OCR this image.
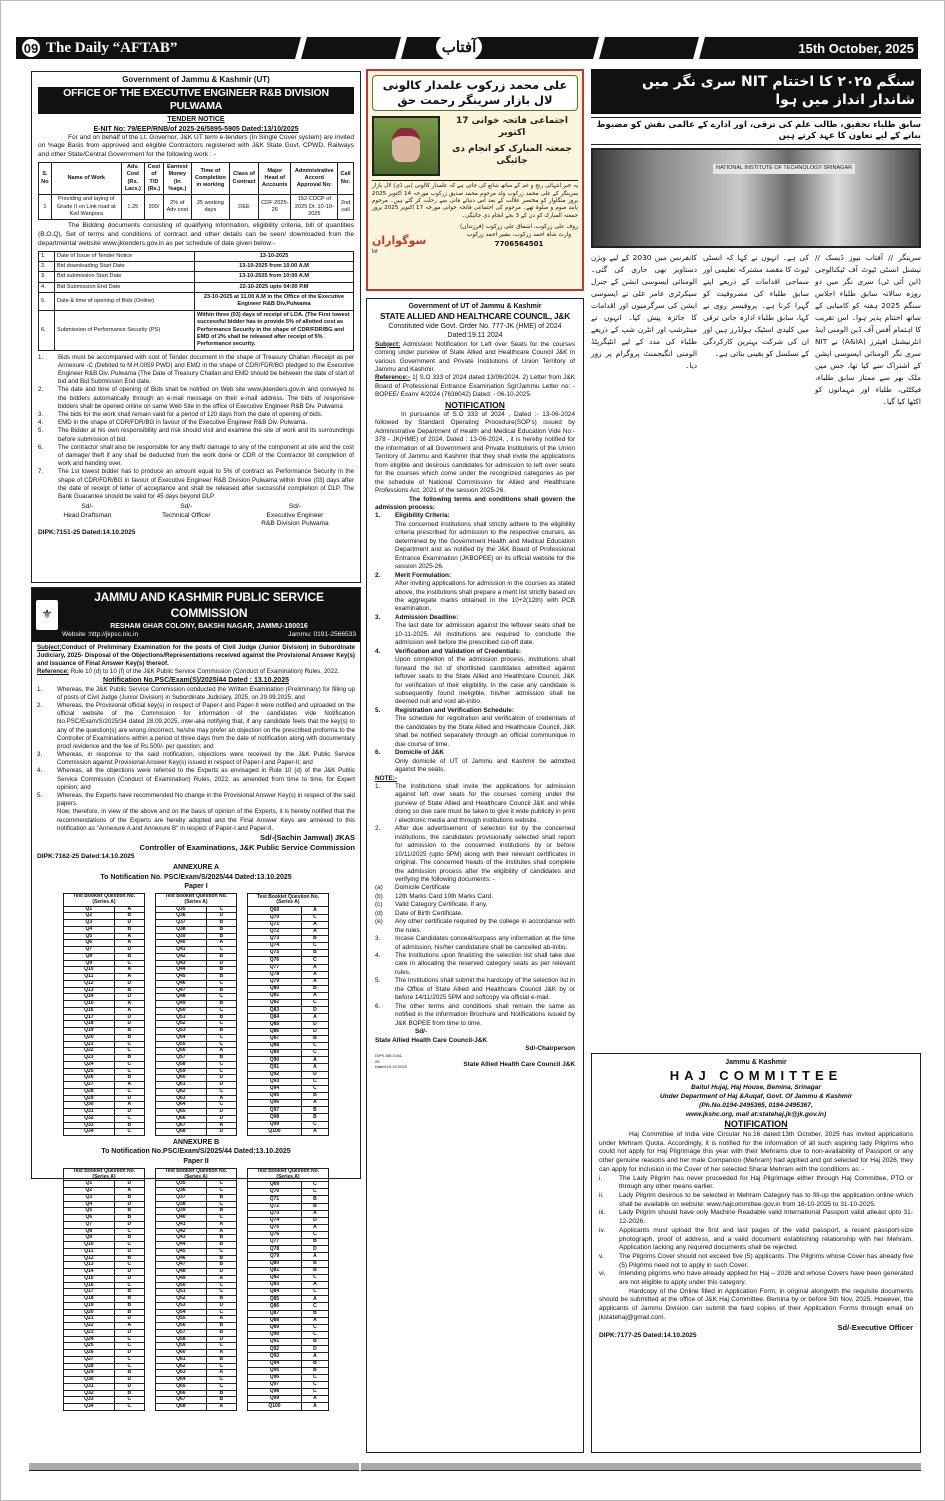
09 The Daily “AFTAB”	آفتاب	15th October, 2025
Government of Jammu & Kashmir (UT)
OFFICE OF THE EXECUTIVE ENGINEER R&B DIVISION PULWAMA
TENDER NOTICE
E-NIT No: 79/EEP/RNB/of 2025-26/5895-5905 Dated:13/10/2025
For and on behalf of the Lt. Governor, J&K UT term e-tenders (In Single Cover system) are invited on %age Basis from approved and eligible Contractors registered with J&K State Govt. CPWD, Railways and other State/Central Government for the following work : -
S. No	Name of Work	Adv. Cost (Rs. Lacs.)	Cost of T/D (Rs.)	Earnest Money (In %age.)	Time of Completion in working	Class of Contract	Major Head of Accounts	Administrative Accord Approval No:	Call No:
1	Providing and laying of Grade II on Link road at Koil Wanpora	1.25	200/	2% of Adv cost	25 working days	DEE	CDF 2025-26	152-CDCP of 2025 Dt. 10-10-2025	2nd call
The Bidding documents consisting of qualifying information, eligibility criteria, bill of quantities (B.O.Q), Set of terms and conditions of contract and other details can be seen/ downloaded from the departmental website www.jktenders.gov.in as per schedule of date given below:-
1.	Date of Issue of Tender Notice	13-10-2025
2.	Bid downloading Start Date	13-10-2025 from 10.00 A.M
3.	Bid submission Start Date	13-10-2025 from 10:00 A.M
4.	Bid Submission End Date	22-10-2025 upto 04:00 P.M
5.	Date & time of opening of Bids (Online)	23-10-2025 at 11.00 A.M in the Office of the Executive Engineer R&B Div.Pulwama
6.	Submission of Performance Security (PS)	Within three (03) days of receipt of LOA. (The First lowest successful bidder has to provide 5% of allotted cost as Performance Security in the shape of CDR/FDR/BG and EMD of 2% shall be released after receipt of 5% Performance security.
1.	Bids must be accompanied with cost of Tender document in the shape of Treasury Challan /Receipt as per Annexure -C (Debited to M.H.0059 PWD) and EMD in the shape of CDR/FDR/BG pledged to the Executive Engineer R&B Div. Pulwama (The Date of Treasury Challan and EMD should be between the date of start of bid and Bid Submission End date.
2.	The date and time of opening of Bids shall be notified on Web site www.jktenders.gov.in and conveyed to the bidders automatically through an e-mail message on their e-mail address. The bids of responsive bidders shall be opened online on same Web Site in the office of Executive Engineer R&B Div. Pulwama
3.	The bids for the work shall remain valid for a period of 120 days from the date of opening of bids.
4.	EMD in the shape of CDR/FDR/BG in favour of the Executive Engineer R&B Div. Pulwama.
5.	The Bidder at his own responsibility and risk should visit and examine the site of work and its surroundings before submission of bid.
6.	The contractor shall also be responsible for any theft/ damage to any of the component at site and the cost of damage/ theft if any shall be deducted from the work done or CDR of the Contractor till completion of work and handing over.
7.	The 1st lowest bidder has to produce an amount equal to 5% of contract as Performance Security in the shape of CDR/FDR/BG in favour of Executive Engineer R&B Division Pulwama within three (03) days after the date of receipt of letter of acceptance and shall be released after successful completion of DLP. The Bank Guarantee should be valid for 45 days beyond DLP.
Sd/-
Head Draftsman
Sd/-
Technical Officer
Sd/-
Executive Engineer
R&B Division Pulwama
DIPK:7151-25 Dated:14.10.2025
⚜
JAMMU AND KASHMIR PUBLIC SERVICE COMMISSION
RESHAM GHAR COLONY, BAKSHI NAGAR, JAMMU-180016
Website :http://jkpsc.nic.in	Jammu: 0191-2566533
Subject:Conduct of Preliminary Examination for the posts of Civil Judge (Junior Division) in Subordinate Judiciary, 2025- Disposal of the Objections/Representations received against the Provisional Answer Key(s) and issuance of Final Answer Key(s) thereof.
Reference: Rule 10 (d) to 10 (f) of the J&K Public Service Commission (Conduct of Examination) Rules, 2022.
Notification No.PSC/Exam(S)/2025/44 Dated : 13.10.2025
1.	Whereas, the J&K Public Service Commission conducted the Written Examination (Preliminary) for filling up of posts of Civil Judge (Junior Division) in Subordinate Judiciary, 2025, on 29.09.2025; and
2.	Whereas, the Provisional official key(s) in respect of Paper-I and Paper-II were notified and uploaded on the official website of the Commission for information of the candidates vide Notification No.PSC/Exam/S/2025/34 dated 28.09.2025, inter-alia notifying that, if any candidate feels that the key(s) to any of the question(s) are wrong /incorrect, he/she may prefer an objection on the prescribed proforma to the Controller of Examinations within a period of three days from the date of notification along with documentary proof /evidence and the fee of Rs.500/- per question; and
3.	Whereas, in response to the said notification, objections were received by the J&K Public Service Commission against Provisional Answer Key(s) issued in respect of Paper-I and Paper-II; and
4.	Whereas, all the objections were referred to the Experts as envisaged in Rule 10 (d) of the J&K Public Service Commission (Conduct of Examination) Rules, 2022, as amended from time to time, for Expert opinion; and
5.	Whereas, the Experts have recommended No change in the Provisional Answer Key(s) in respect of the said papers.
Now, therefore, in view of the above and on the basis of opinion of the Experts, it is hereby notified that the recommendations of the Experts are hereby adopted and the Final Answer Keys are annexed to this notification as "Annexure A and Annexure B" in respect of Paper-I and Paper-II.
Sd/-(Sachin Jamwal) JKAS
Controller of Examinations, J&K Public Service Commission
DIPK:7162-25 Dated:14.10.2025
ANNEXURE A
To Notification No. PSC/Exam/S/2025/44 Dated:13.10.2025
Paper I
Test Booklet Question No. (Series A)	
Q1	A
Q2	B
Q3	D
Q4	B
Q5	A
Q6	A
Q7	D
Q8	B
Q9	C
Q10	A
Q11	A
Q12	D
Q13	B
Q14	D
Q15	A
Q16	A
Q17	D
Q18	D
Q19	B
Q20	B
Q21	C
Q22	C
Q23	B
Q24	C
Q25	C
Q26	B
Q27	A
Q28	C
Q29	D
Q30	A
Q31	D
Q32	C
Q33	B
Q34	C
Test Booklet Question No. (Series A)	
Q35	C
Q36	D
Q37	B
Q38	B
Q39	B
Q40	A
Q41	C
Q42	B
Q43	D
Q44	B
Q45	B
Q46	C
Q47	B
Q48	C
Q49	B
Q50	C
Q51	B
Q52	C
Q53	B
Q54	C
Q55	C
Q56	A
Q57	B
Q58	C
Q59	C
Q60	D
Q61	D
Q62	C
Q63	A
Q64	C
Q65	D
Q66	D
Q67	A
Q68	D
Test Booklet Question No. (Series A)	
Q69	A
Q70	C
Q71	A
Q72	A
Q73	B
Q74	C
Q75	B
Q76	C
Q77	A
Q78	A
Q79	A
Q80	B
Q81	A
Q82	C
Q83	D
Q84	A
Q85	D
Q86	D
Q87	B
Q88	C
Q89	C
Q90	A
Q91	A
Q92	D
Q93	C
Q94	C
Q95	B
Q96	A
Q97	B
Q98	B
Q99	C
Q100	A
ANNEXURE B
To Notification No.PSC/Exam/S/2025/44 Dated:13.10.2025
Paper II
Test Booklet Question No. (Series A)	
Q1	D
Q2	A
Q3	B
Q4	D
Q5	B
Q6	B
Q7	D
Q8	C
Q9	B
Q10	C
Q11	D
Q12	B
Q13	C
Q14	D
Q15	D
Q16	C
Q17	B
Q18	B
Q19	B
Q20	B
Q21	D
Q22	A
Q23	D
Q24	C
Q25	C
Q26	D
Q27	C
Q28	C
Q29	B
Q30	D
Q31	D
Q32	B
Q33	C
Q34	C
Test Booklet Question No. (Series A)	
Q35	C
Q36	C
Q37	B
Q38	C
Q39	B
Q40	C
Q41	A
Q42	A
Q43	B
Q44	B
Q45	C
Q46	B
Q47	B
Q48	D
Q49	A
Q50	C
Q51	C
Q52	B
Q53	D
Q54	C
Q55	A
Q56	B
Q57	B
Q58	D
Q59	C
Q60	A
Q61	B
Q62	C
Q63	A
Q64	C
Q65	C
Q66	B
Q67	B
Q68	A
Test Booklet Question No. (Series A)	
Q69	C
Q70	C
Q71	B
Q72	B
Q73	A
Q74	D
Q75	A
Q76	C
Q77	B
Q78	D
Q79	A
Q80	B
Q81	B
Q82	C
Q83	A
Q84	C
Q85	A
Q86	C
Q87	B
Q88	A
Q89	C
Q90	C
Q91	B
Q92	D
Q93	A
Q94	B
Q95	B
Q96	C
Q97	C
Q98	C
Q99	A
Q100	A
علی محمد زرکوب علمدار کالونی لال بازار سرینگر رحمت حق
اجتماعی فاتحہ خوانی 17 اکتوبر
جمعتہ المبارک کو انجام دی جائیگی
یہ خبر انتہائی رنج و غم کے ساتھ شائع کی جاتی ہے کہ علمدار کالونی (بی ڈی) لال بازار سرینگر کے علی محمد زرکوب ولد مرحوم محمد صدیق زرکوب مورخہ 14 اکتوبر 2025 بروز منگلوار کو مختصر علالت کے بعد اس دنیائے فانی سے رحلت کر گئے ہیں۔ مرحوم پابند صوم و صلوۃ تھے۔ مرحوم کی اجتماعی فاتحہ خوانی مورخہ 17 اکتوبر 2025 بروز جمعتہ المبارک کو دن کے 3 بجے انجام دی جائیگی۔
سوگواران
روف علی زرکوب، اشفاق علی زرکوب (فرزندان)
وارث شاہ احمد زرکوب، بشیر احمد زرکوب
7706564501
Inf
Government of UT of Jammu & Kashmir
STATE ALLIED AND HEALTHCARE COUNCIL, J&K
Constituted vide Govt. Order No. 777-JK (HME) of 2024 Dated:19.11 2024
Subject: Admission Notification for Left over Seats for the courses coming under purview of State Allied and Healthcare Council J&K in various Government and Private Institutions of Union Territory of Jammu and Kashmir.
Reference:- 1] S.O 333 of 2024 dated 13/06/2024. 2) Letter from J&K Board of Professional Entrance Examination Sgr/Jammu Letter no: - BOPEE/ Exam/ 4/2024 (7638042) Dated: - 06-10-2025.
NOTIFICATION
In pursuance of S.O 333 of 2024 , Dated :- 13-06-2024 followed by Standard Operating Procedure(SOP's) issued by Administrative Department of Health and Medical Education Vide No:- 378 - JK(HME) of 2024, Dated : 13-06-2024, , it is hereby notified for the information of all Government and Private Institutions of the Union Territory of Jammu and Kashmir that they shall invite the applications from eligible and desirous candidates for admission to left over seats for the courses which come under the recognized categories as per the schedule of National Commission for Allied and Healthcare Professions Act, 2021 of the session 2025-26.
The following terms and conditions shall govern the admission process:
1.	Eligibility Criteria:
The concerned institutions shall strictly adhere to the eligibility criteria prescribed for admission to the respective courses, as determined by the Government Health and Medical Education Department and as notified by the J&K Board of Professional Entrance Examination (JKBOPEE) on its official website for the session 2025-26.
2.	Merit Formulation:
After inviting applications for admission in the courses as stated above, the institutions shall prepare a merit list strictly based on the aggregate marks obtained in the 10+2(12th) with PCB examination.
3.	Admission Deadline:
The last date for admission against the leftover seats shall be 10-11-2025. All institutions are required to conclude the admission well before the prescribed cut-off date.
4.	Verification and Validation of Credentials:
Upon completion of the admission process, institutions shall forward the list of shortlisted candidates admitted against leftover seats to the State Allied and Healthcare Council, J&K for verification of their eligibility. In the case any candidate is subsequently found ineligible, his/her admission shall be deemed null and void ab-initio.
5.	Registration and Verification Schedule:
The schedule for registration and verification of credentials of the candidates by the State Allied and Healthcare Council, J&K shall be notified separately through an official communique in due course of time.
6.	Domicile of J&K
Only domicile of UT of Jammu and Kashmir be admitted against the seats.
NOTE:-
1.	The Institutions shall invite the applications for admission against left over seats for the courses coming under the purview of State Allied and Healthcare Council J&K and while doing so due care must be taken to give it wide publicity in print / electronic media and through institutions website.
2.	After due advertisement of selection list by the concerned institutions, the candidates provisionally selected shall report for admission to the concerned institutions by or before 10/11/2025 (upto 5PM) along with their relevant certificates in original. The concerned heads of the institutes shall complete the admission process after the eligibility of candidates and verifying the following documents: -
(a)	Domicile Certificate
(b)	12th Marks Card 10th Marks Card.
(c)	Valid Category Certificate, If any.
(d)	Date of Birth Certificate.
(e)	Any other certificate required by the college in accordance with the rules.
3.	Incase Candidates conceal/surpass any information at the time of admission, his/her candidature shall be cancelled ab-initio.
4.	The Institutions upon finalizing the selection list shall take due care in allocating the reserved category seats as per relevant rules.
5.	The Institutions shall submit the hardcopy of the selection list in the Office of State Allied and Healthcare Council J&K by or before 14/11/2025 5PM and softcopy via official e-mail.
6.	The other terms and conditions shall remain the same as notified in the information Brochure and Notifications issued by J&K BOPEE from time to time.
Sd/-
State Allied Health Care Council-J&K
Sd/-Chairperson
DIPK-NB:2184-25 Dated:14.10.2025	State Allied Health Care Council J&K
سنگم ۲۰۲۵ کا اختتام NIT سری نگر میں شاندار انداز میں ہوا
سابق طلباء تحقیق، طالب علم کی ترقی، اور ادارے کے عالمی نقش کو مضبوط بنانے کے لیے تعاون کا عہد کرتے ہیں
NATIONAL INSTITUTE OF TECHNOLOGY SRINAGAR
سرینگر // آفتاب نیوز ڈیسک // نیشنل انسٹی ٹیوٹ آف ٹیکنالوجی (این آئی ٹی) سری نگر میں دو روزہ سالانہ سابق طلباء اجلاس سنگم 2025 ہفتہ کو کامیابی کے ساتھ اختتام پذیر ہوا۔ اس تقریب کا اہتمام آفس آف ڈین الومنی اینڈ انٹرنیشنل افیئرز (A&IA) نے NIT سری نگر الومنائی ایسوسی ایشن کے اشتراک سے کیا تھا، جس میں ملک بھر سے ممتاز سابق طلباء، فیکلٹی، طلباء اور مہمانوں کو اکٹھا کیا گیا۔
کی ہے۔ انہوں نے کہا کہ انسٹی ٹیوٹ کا مقصد مشترکہ تعلیمی اور سماجی اقدامات کے ذریعے اپنے سابق طلباء کی مصروفیت کو گہرا کرنا ہے۔ پروفیسر روی نے کہا، سابق طلباء ادارہ جاتی ترقی میں کلیدی اسٹیک ہولڈرز ہیں اور ان کی شرکت بہترین کارکردگی کے تسلسل کو یقینی بناتی ہے۔
کانفرنس میں 2030 کے لیے ویژن دستاویز بھی جاری کی گئی۔ الومنائی ایسوسی ایشن کے جنرل سیکرٹری عامر علی نے ایسوسی ایشن کی سرگرمیوں اور اقدامات کا جائزہ پیش کیا۔ انہوں نے مینٹرشپ اور انٹرن شپ کے ذریعے طلباء کی مدد کے لیے انٹیگریٹڈ الومنی انگیجمنٹ پروگرام پر زور دیا۔
Jammu & Kashmir
HAJ COMMITTEE
Baitul Hujaj, Haj House, Bemina, Srinagar
Under Department of Haj &Auqaf, Govt. Of Jammu & Kashmir
(Ph.No.0194-2495365, 0194-2495367,
www.jkshc.org, mail at:statehaj.jk@jk.gov.in)
NOTIFICATION
Haj Committee of India vide Circular No.16 dated:13th October, 2025 has invited applications under Mehram Quota. Accordingly, it is notified for the information of all such aspiring lady Pilgrims who could not apply for Haj Pilgrimage this year with their Mehrams due to non-availability of Passport or any other genuine reasons and her male Companion (Mehram) had applied and got selected for Haj 2026, they can apply for inclusion in the Cover of her selected Sharai Mehram with the conditions as: -
i.	The Lady Pilgrim has never proceeded for Haj Pilgrimage either through Haj Committee, PTO or through any other means earlier.
ii.	Lady Pilgrim desirous to be selected in Mehram Category has to fill-up the application online which shall be available on website: www.hajcommittee.gov.in from 16-10-2025 to 31-10-2025.
iii.	Lady Pilgrim should have only Machine Readable valid International Passport valid atleast upto 31-12-2026.
iv.	Applicants must upload the first and last pages of the valid passport, a recent passport-size photograph, proof of address, and a valid document establishing relationship with her Mehram. Application lacking any required documents shall be rejected.
v.	The Pilgrims Cover should not exceed five (5) applicants. The Pilgrims whose Cover has already five (5) Pilgrims need not to apply in such Cover.
vi.	Intending pilgrims who have already applied for Haj – 2026 and whose Covers have been generated are not eligible to apply under this category.
Hardcopy of the Online filled in Application Form, in original alongwith the requisite documents should be submitted at the office of J&K Haj Committee, Bemina by or before 5th Nov, 2025. However, the applicants of Jammu Division can submit the hard copies of their Application Forms through email on jkstatehaj@gmail.com.
Sd/-Executive Officer
DIPK:7177-25 Dated:14.10.2025
